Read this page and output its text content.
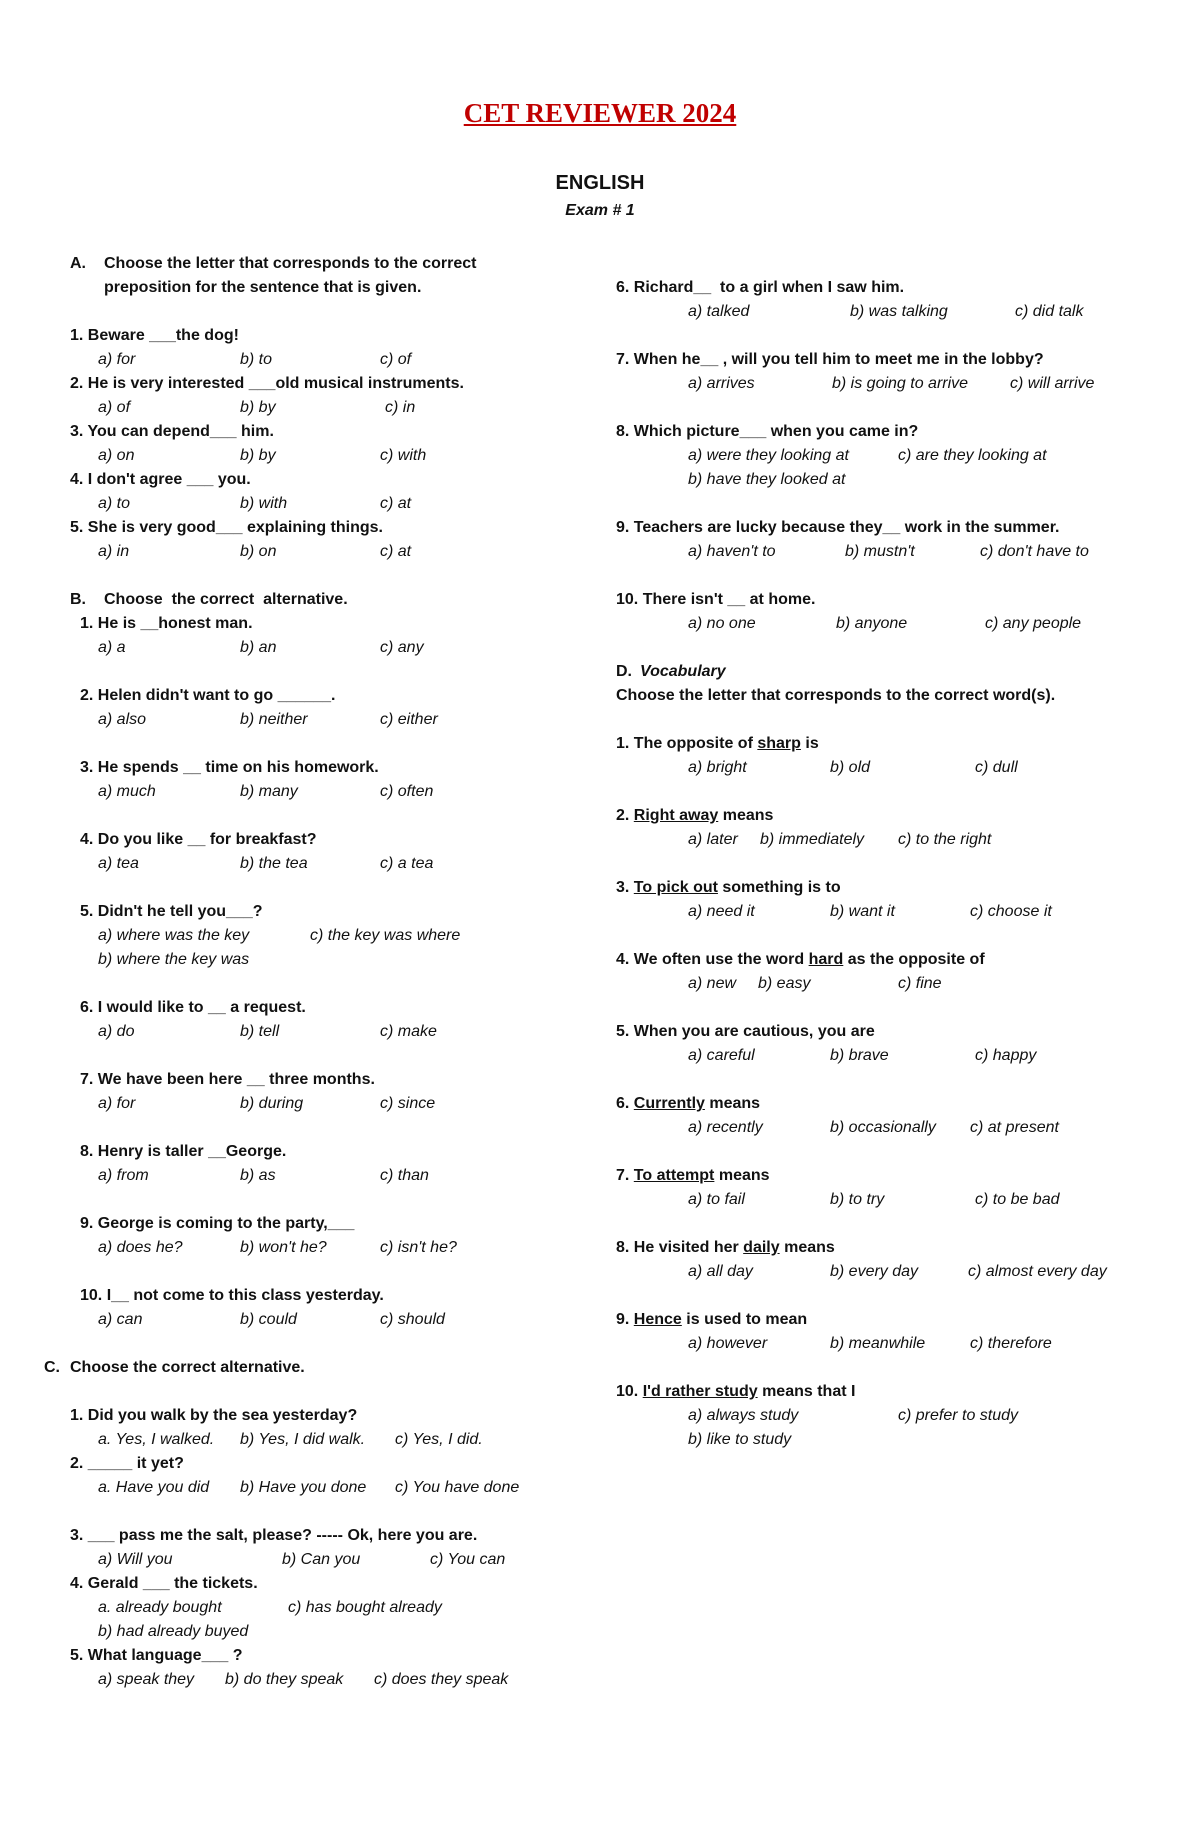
CET REVIEWER 2024
ENGLISH
Exam # 1
A. Choose the letter that corresponds to the correct
preposition for the sentence that is given.
1. Beware ___the dog!
a) for	b) to	c) of
2. He is very interested ___old musical instruments.
a) of	b) by	c) in
3. You can depend___ him.
a) on	b) by	c) with
4. I don't agree ___ you.
a) to	b) with	c) at
5. She is very good___ explaining things.
a) in	b) on	c) at
B. Choose  the correct  alternative.
1. He is __honest man.
a) a	b) an	c) any
2. Helen didn't want to go ______.
a) also	b) neither	c) either
3. He spends __ time on his homework.
a) much	b) many	c) often
4. Do you like __ for breakfast?
a) tea	b) the tea	c) a tea
5. Didn't he tell you___?
a) where was the key	c) the key was where
b) where the key was
6. I would like to __ a request.
a) do	b) tell	c) make
7. We have been here __ three months.
a) for	b) during	c) since
8. Henry is taller __George.
a) from	b) as	c) than
9. George is coming to the party,___
a) does he?	b) won't he?	c) isn't he?
10. I__ not come to this class yesterday.
a) can	b) could	c) should
C. Choose the correct alternative.
1. Did you walk by the sea yesterday?
a. Yes, I walked. b) Yes, I did walk. c) Yes, I did.
2. _____ it yet?
a. Have you did b) Have you done c) You have done
3. ___ pass me the salt, please? ----- Ok, here you are.
a) Will you	b) Can you	c) You can
4. Gerald ___ the tickets.
a. already bought	c) has bought already
b) had already buyed
5. What language___ ?
a) speak they b) do they speak c) does they speak
6. Richard__  to a girl when I saw him.
a) talked	b) was talking	c) did talk
7. When he__ , will you tell him to meet me in the lobby?
a) arrives	b) is going to arrive	c) will arrive
8. Which picture___ when you came in?
a) were they looking at	c) are they looking at
b) have they looked at
9. Teachers are lucky because they__ work in the summer.
a) haven't to	b) mustn't	c) don't have to
10. There isn't __ at home.
a) no one	b) anyone	c) any people
D. Vocabulary
Choose the letter that corresponds to the correct word(s).
1. The opposite of sharp is
a) bright	b) old	c) dull
2. Right away means
a) later b) immediately c) to the right
3. To pick out something is to
a) need it	b) want it	c) choose it
4. We often use the word hard as the opposite of
a) new b) easy	c) fine
5. When you are cautious, you are
a) careful	b) brave	c) happy
6. Currently means
a) recently	b) occasionally c) at present
7. To attempt means
a) to fail	b) to try	c) to be bad
8. He visited her daily means
a) all day	b) every day	c) almost every day
9. Hence is used to mean
a) however	b) meanwhile	c) therefore
10. I'd rather study means that I
a) always study	c) prefer to study
b) like to study
